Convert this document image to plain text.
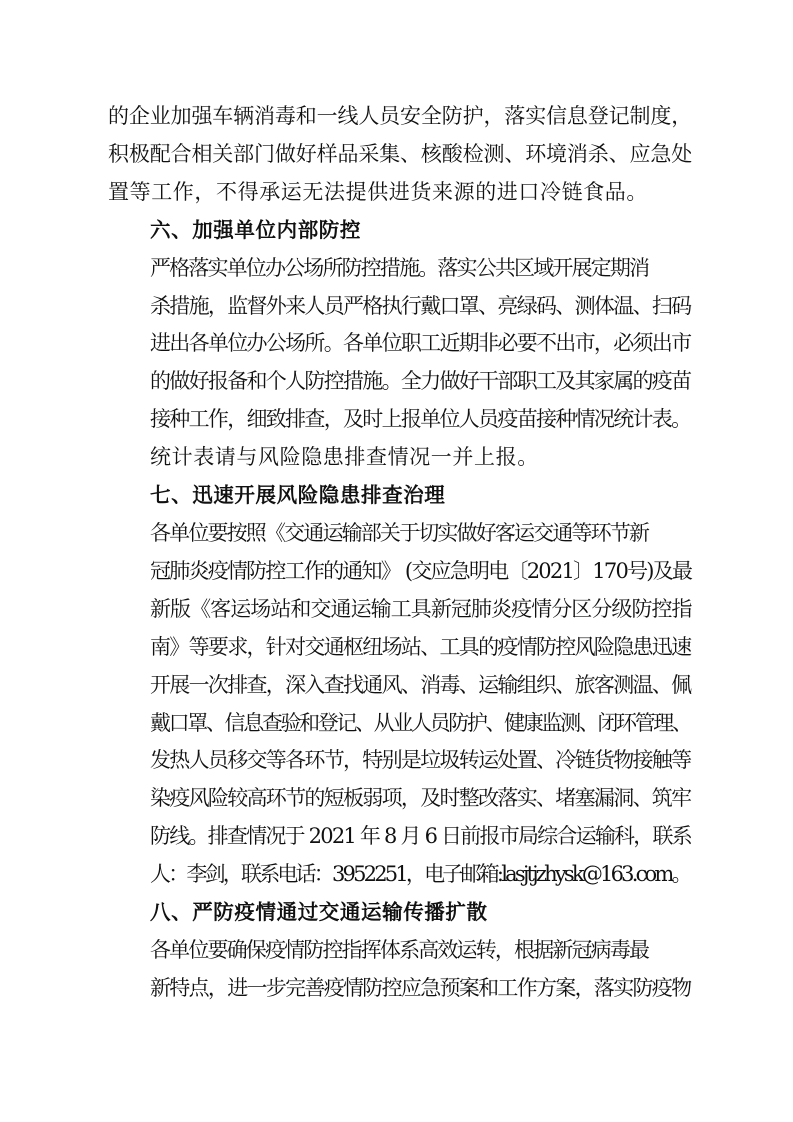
的企业加强车辆消毒和一线人员安全防护，落实信息登记制度，
积极配合相关部门做好样品采集、核酸检测、环境消杀、应急处
置等工作，不得承运无法提供进货来源的进口冷链食品。
六、加强单位内部防控
严格落实单位办公场所防控措施。落实公共区域开展定期消
杀措施，监督外来人员严格执行戴口罩、亮绿码、测体温、扫码
进出各单位办公场所。各单位职工近期非必要不出市，必须出市
的做好报备和个人防控措施。全力做好干部职工及其家属的疫苗
接种工作，细致排查，及时上报单位人员疫苗接种情况统计表。
统计表请与风险隐患排查情况一并上报。
七、迅速开展风险隐患排查治理
各单位要按照《交通运输部关于切实做好客运交通等环节新
冠肺炎疫情防控工作的通知》 (交应急明电〔2021〕170号)及最
新版《客运场站和交通运输工具新冠肺炎疫情分区分级防控指
南》等要求，针对交通枢纽场站、工具的疫情防控风险隐患迅速
开展一次排查，深入查找通风、消毒、运输组织、旅客测温、佩
戴口罩、信息查验和登记、从业人员防护、健康监测、闭环管理、
发热人员移交等各环节，特别是垃圾转运处置、冷链货物接触等
染疫风险较高环节的短板弱项，及时整改落实、堵塞漏洞、筑牢
防线。排查情况于 2021 年 8 月 6 日前报市局综合运输科，联系
人：李剑，联系电话：3952251，电子邮箱:lasjtjzhysk@163.com。
八、严防疫情通过交通运输传播扩散
各单位要确保疫情防控指挥体系高效运转，根据新冠病毒最
新特点，进一步完善疫情防控应急预案和工作方案，落实防疫物
